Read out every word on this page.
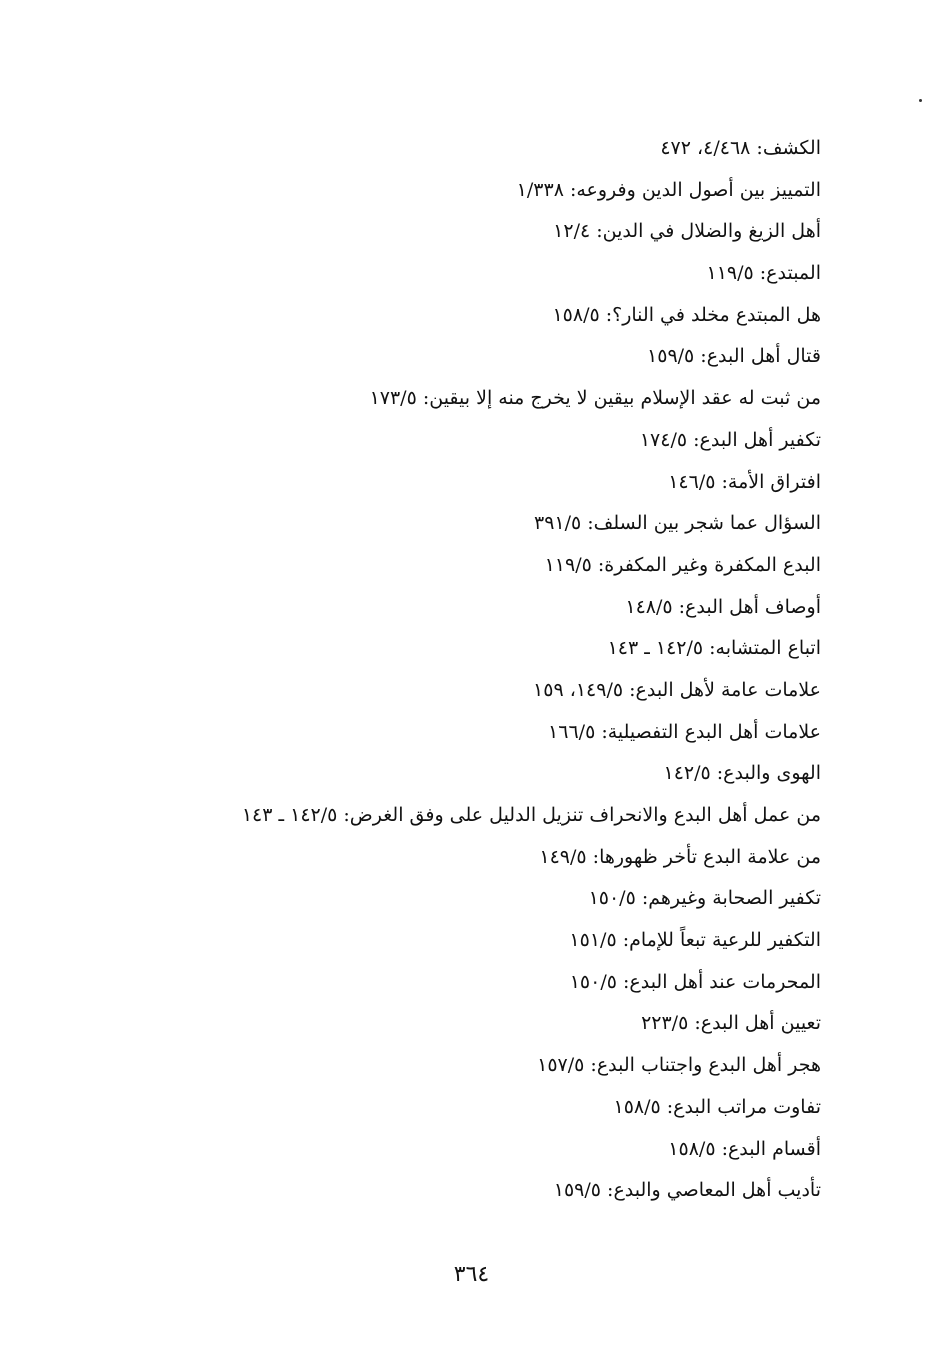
الكشف: ٤/٤٦٨، ٤٧٢
التمييز بين أصول الدين وفروعه: ١/٣٣٨
أهل الزيغ والضلال في الدين: ١٢/٤
المبتدع: ١١٩/٥
هل المبتدع مخلد في النار؟: ١٥٨/٥
قتال أهل البدع: ١٥٩/٥
من ثبت له عقد الإسلام بيقين لا يخرج منه إلا بيقين: ١٧٣/٥
تكفير أهل البدع: ١٧٤/٥
افتراق الأمة: ١٤٦/٥
السؤال عما شجر بين السلف: ٣٩١/٥
البدع المكفرة وغير المكفرة: ١١٩/٥
أوصاف أهل البدع: ١٤٨/٥
اتباع المتشابه: ١٤٢/٥ ـ ١٤٣
علامات عامة لأهل البدع: ١٤٩/٥، ١٥٩
علامات أهل البدع التفصيلية: ١٦٦/٥
الهوى والبدع: ١٤٢/٥
من عمل أهل البدع والانحراف تنزيل الدليل على وفق الغرض: ١٤٢/٥ ـ ١٤٣
من علامة البدع تأخر ظهورها: ١٤٩/٥
تكفير الصحابة وغيرهم: ١٥٠/٥
التكفير للرعية تبعاً للإمام: ١٥١/٥
المحرمات عند أهل البدع: ١٥٠/٥
تعيين أهل البدع: ٢٢٣/٥
هجر أهل البدع واجتناب البدع: ١٥٧/٥
تفاوت مراتب البدع: ١٥٨/٥
أقسام البدع: ١٥٨/٥
تأديب أهل المعاصي والبدع: ١٥٩/٥
٣٦٤
